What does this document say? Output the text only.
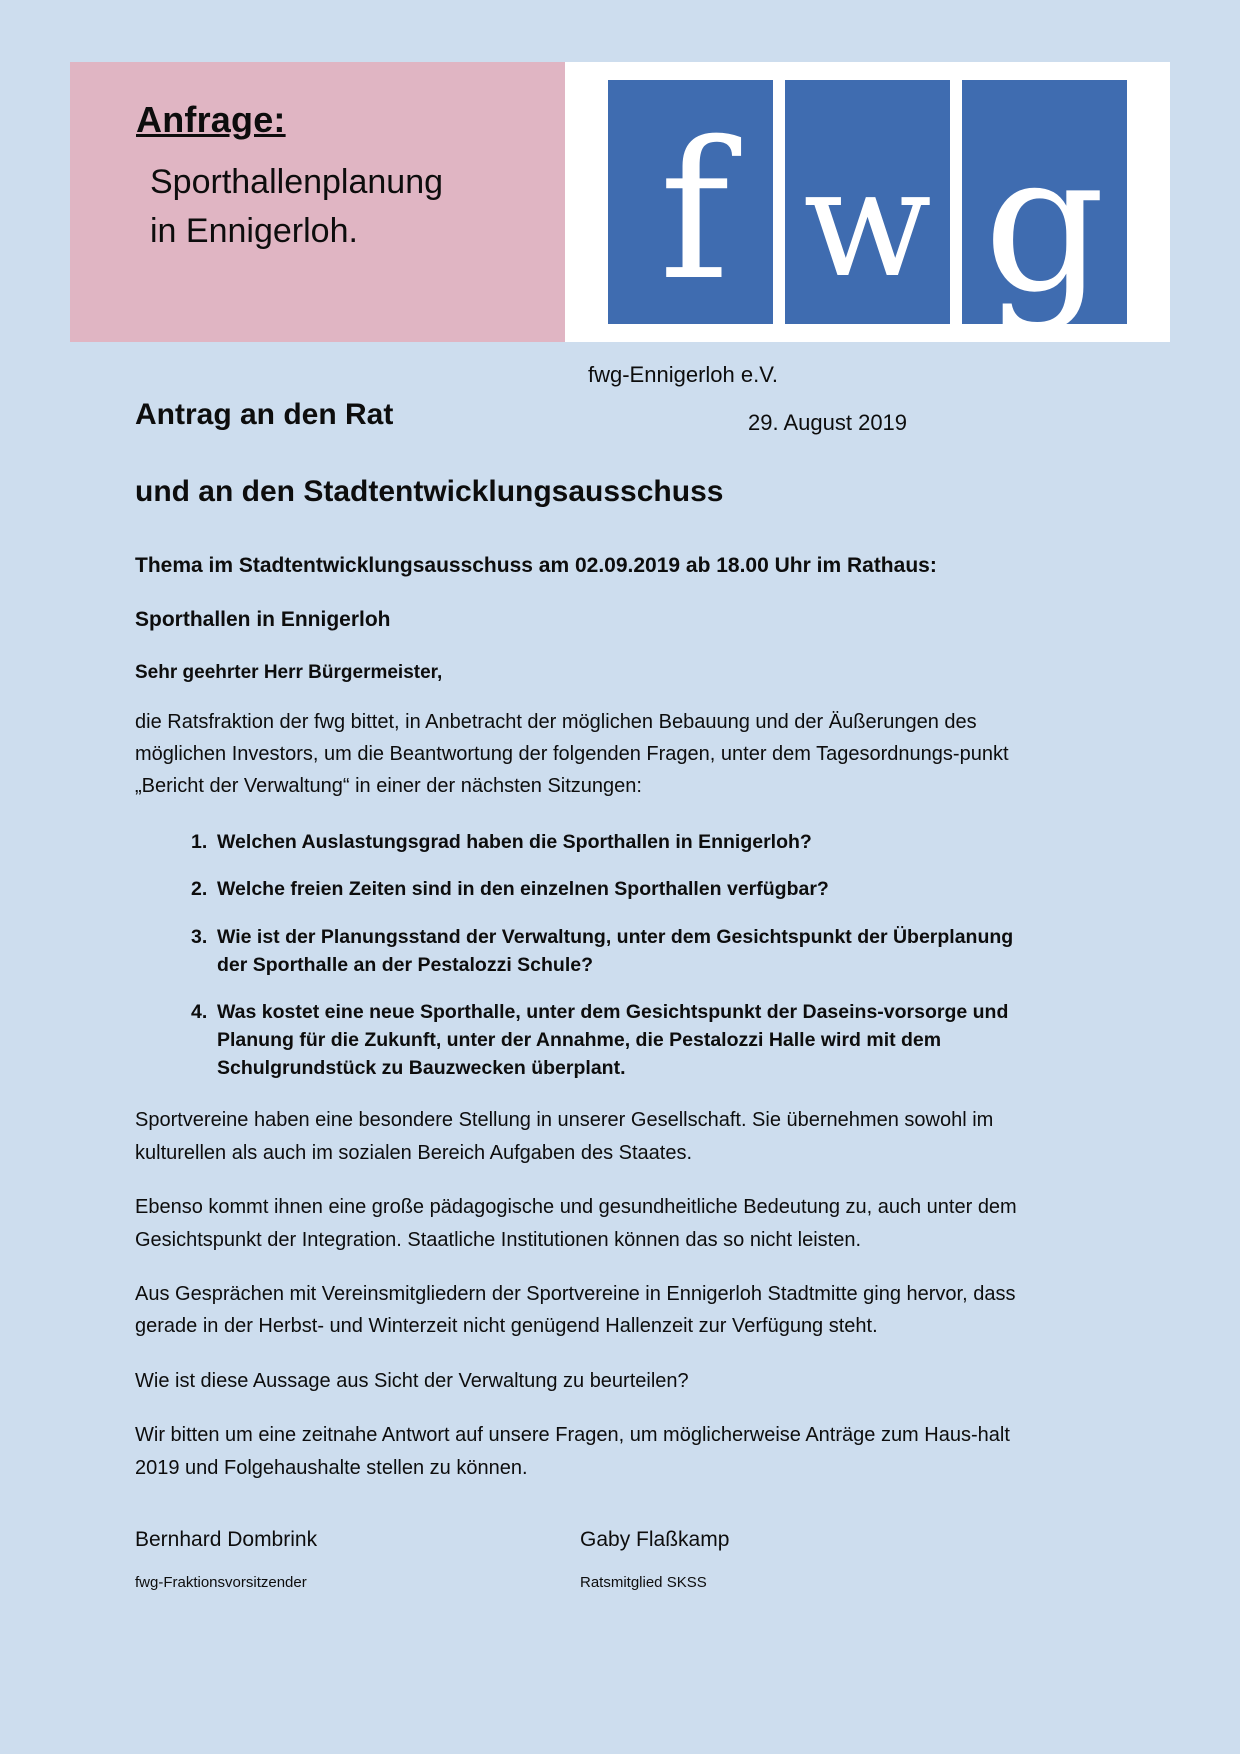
Anfrage:
Sporthallenplanung
in Ennigerloh.	f w g
fwg-Ennigerloh e.V.
29. August 2019
Antrag an den Rat
und an den Stadtentwicklungsausschuss
Thema im Stadtentwicklungsausschuss am 02.09.2019 ab 18.00 Uhr im Rathaus:
Sporthallen in Ennigerloh
Sehr geehrter Herr Bürgermeister,

die Ratsfraktion der fwg bittet, in Anbetracht der möglichen Bebauung und der Äußerungen des möglichen Investors, um die Beantwortung der folgenden Fragen, unter dem Tagesordnungs-punkt „Bericht der Verwaltung“ in einer der nächsten Sitzungen:

1. Welchen Auslastungsgrad haben die Sporthallen in Ennigerloh?
2. Welche freien Zeiten sind in den einzelnen Sporthallen verfügbar?
3. Wie ist der Planungsstand der Verwaltung, unter dem Gesichtspunkt der Überplanung der Sporthalle an der Pestalozzi Schule?
4. Was kostet eine neue Sporthalle, unter dem Gesichtspunkt der Daseins-vorsorge und Planung für die Zukunft, unter der Annahme, die Pestalozzi Halle wird mit dem Schulgrundstück zu Bauzwecken überplant.

Sportvereine haben eine besondere Stellung in unserer Gesellschaft. Sie übernehmen sowohl im kulturellen als auch im sozialen Bereich Aufgaben des Staates.

Ebenso kommt ihnen eine große pädagogische und gesundheitliche Bedeutung zu, auch unter dem Gesichtspunkt der Integration. Staatliche Institutionen können das so nicht leisten.

Aus Gesprächen mit Vereinsmitgliedern der Sportvereine in Ennigerloh Stadtmitte ging hervor, dass gerade in der Herbst- und Winterzeit nicht genügend Hallenzeit zur Verfügung steht.

Wie ist diese Aussage aus Sicht der Verwaltung zu beurteilen?

Wir bitten um eine zeitnahe Antwort auf unsere Fragen, um möglicherweise Anträge zum Haus-halt 2019 und Folgehaushalte stellen zu können.

Bernhard Dombrink
fwg-Fraktionsvorsitzender
Gaby Flaßkamp
Ratsmitglied SKSS
